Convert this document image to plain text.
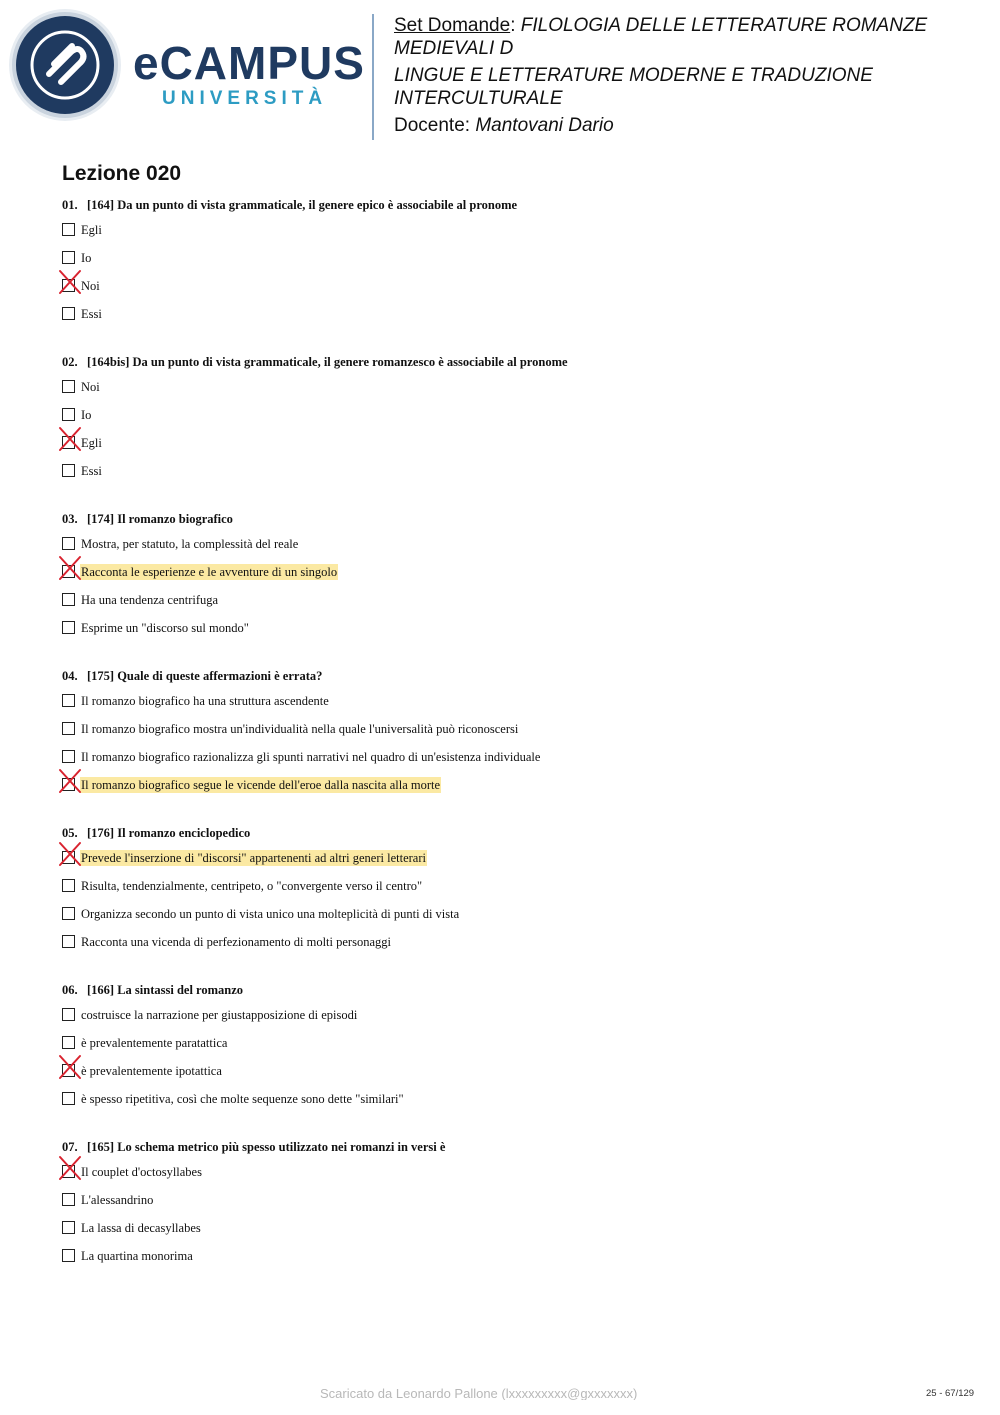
eCAMPUS
UNIVERSITÀ
Set Domande: FILOLOGIA DELLE LETTERATURE ROMANZE MEDIEVALI D
LINGUE E LETTERATURE MODERNE E TRADUZIONE INTERCULTURALE
Docente: Mantovani Dario
Lezione 020
01. [164] Da un punto di vista grammaticale, il genere epico è associabile al pronome
Egli
Io
Noi
Essi
02. [164bis] Da un punto di vista grammaticale, il genere romanzesco è associabile al pronome
Noi
Io
Egli
Essi
03. [174] Il romanzo biografico
Mostra, per statuto, la complessità del reale
Racconta le esperienze e le avventure di un singolo
Ha una tendenza centrifuga
Esprime un "discorso sul mondo"
04. [175] Quale di queste affermazioni è errata?
Il romanzo biografico ha una struttura ascendente
Il romanzo biografico mostra un'individualità nella quale l'universalità può riconoscersi
Il romanzo biografico razionalizza gli spunti narrativi nel quadro di un'esistenza individuale
Il romanzo biografico segue le vicende dell'eroe dalla nascita alla morte
05. [176] Il romanzo enciclopedico
Prevede l'inserzione di "discorsi" appartenenti ad altri generi letterari
Risulta, tendenzialmente, centripeto, o "convergente verso il centro"
Organizza secondo un punto di vista unico una molteplicità di punti di vista
Racconta una vicenda di perfezionamento di molti personaggi
06. [166] La sintassi del romanzo
costruisce la narrazione per giustapposizione di episodi
è prevalentemente paratattica
è prevalentemente ipotattica
è spesso ripetitiva, così che molte sequenze sono dette "similari"
07. [165] Lo schema metrico più spesso utilizzato nei romanzi in versi è
Il couplet d'octosyllabes
L'alessandrino
La lassa di decasyllabes
La quartina monorima
Scaricato da Leonardo Pallone (lxxxxxxxxx@gxxxxxxx)	25 - 67/129
